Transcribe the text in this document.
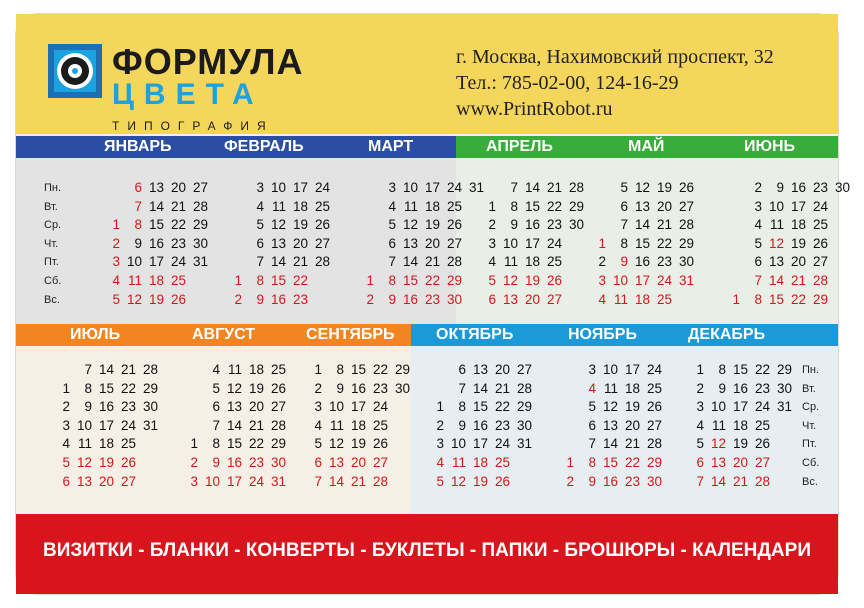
ФОРМУЛА
ЦВЕТА
ТИПОГРАФИЯ
г. Москва, Нахимовский проспект, 32
Тел.: 785-02-00, 124-16-29
www.PrintRobot.ru
ЯНВАРЬ
1
2
3
4
5
6
7
8
9
10
11
12
13
14
15
16
17
18
19
20
21
22
23
24
25
26
27
28
29
30
31
ФЕВРАЛЬ
1
2
3
4
5
6
7
8
9
10
11
12
13
14
15
16
17
18
19
20
21
22
23
24
25
26
27
28
МАРТ
1
2
3
4
5
6
7
8
9
10
11
12
13
14
15
16
17
18
19
20
21
22
23
24
25
26
27
28
29
30
31
АПРЕЛЬ
1
2
3
4
5
6
7
8
9
10
11
12
13
14
15
16
17
18
19
20
21
22
23
24
25
26
27
28
29
30
МАЙ
1
2
3
4
5
6
7
8
9
10
11
12
13
14
15
16
17
18
19
20
21
22
23
24
25
26
27
28
29
30
31
ИЮНЬ
1
2
3
4
5
6
7
8
9
10
11
12
13
14
15
16
17
18
19
20
21
22
23
24
25
26
27
28
29
30
ИЮЛЬ
1
2
3
4
5
6
7
8
9
10
11
12
13
14
15
16
17
18
19
20
21
22
23
24
25
26
27
28
29
30
31
АВГУСТ
1
2
3
4
5
6
7
8
9
10
11
12
13
14
15
16
17
18
19
20
21
22
23
24
25
26
27
28
29
30
31
СЕНТЯБРЬ
1
2
3
4
5
6
7
8
9
10
11
12
13
14
15
16
17
18
19
20
21
22
23
24
25
26
27
28
29
30
ОКТЯБРЬ
1
2
3
4
5
6
7
8
9
10
11
12
13
14
15
16
17
18
19
20
21
22
23
24
25
26
27
28
29
30
31
НОЯБРЬ
1
2
3
4
5
6
7
8
9
10
11
12
13
14
15
16
17
18
19
20
21
22
23
24
25
26
27
28
29
30
ДЕКАБРЬ
1
2
3
4
5
6
7
8
9
10
11
12
13
14
15
16
17
18
19
20
21
22
23
24
25
26
27
28
29
30
31
Пн.
Вт.
Ср.
Чт.
Пт.
Сб.
Вс.
Пн.
Вт.
Ср.
Чт.
Пт.
Сб.
Вс.
ВИЗИТКИ - БЛАНКИ - КОНВЕРТЫ - БУКЛЕТЫ - ПАПКИ - БРОШЮРЫ - КАЛЕНДАРИ
